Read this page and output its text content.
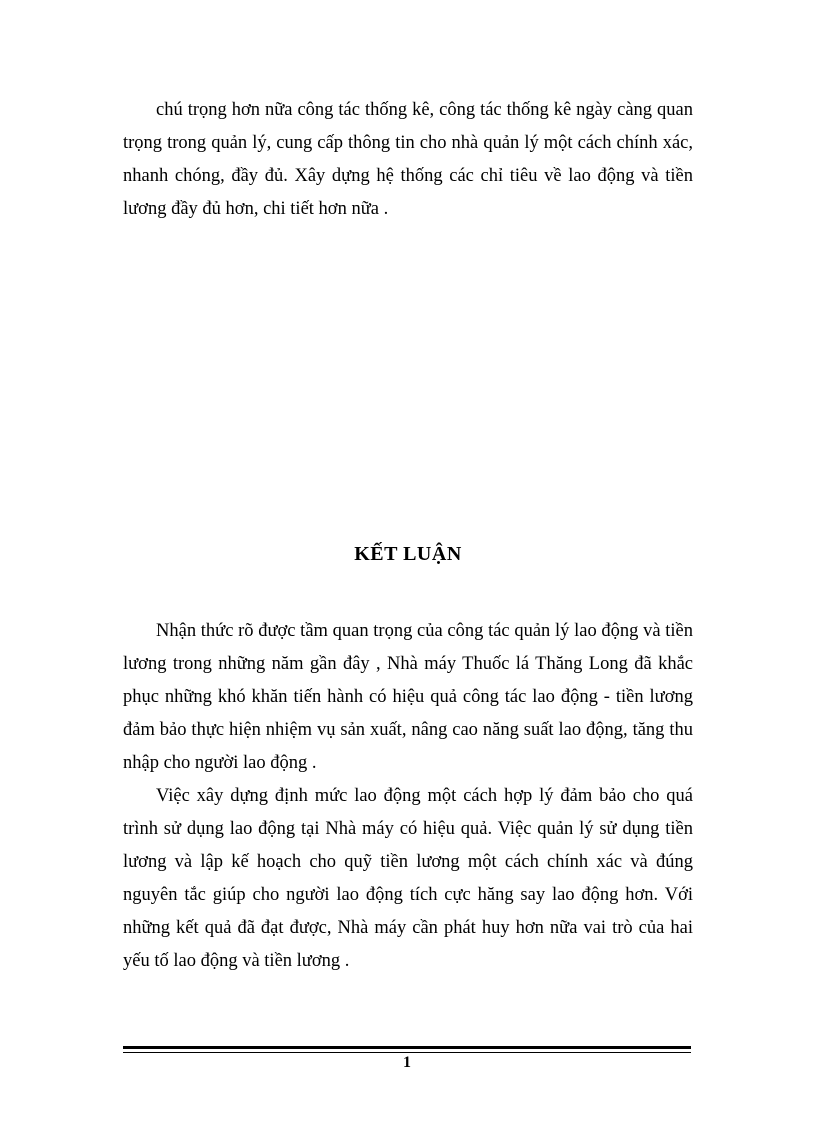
chú trọng hơn nữa công tác thống kê, công tác thống kê ngày càng quan trọng trong quản lý, cung cấp thông tin cho nhà quản lý một cách chính xác, nhanh chóng, đầy đủ. Xây dựng hệ thống các chỉ tiêu về lao động và tiền lương đầy đủ hơn, chi tiết hơn nữa .

KẾT LUẬN

Nhận thức rõ được tầm quan trọng của công tác quản lý lao động và tiền lương trong những năm gần đây , Nhà máy Thuốc lá Thăng Long đã khắc phục những khó khăn tiến hành có hiệu quả công tác lao động - tiền lương đảm bảo thực hiện nhiệm vụ sản xuất, nâng cao năng suất lao động, tăng thu nhập cho người lao động .

Việc xây dựng định mức lao động một cách hợp lý đảm bảo cho quá trình sử dụng lao động tại Nhà máy có hiệu quả. Việc quản lý sử dụng tiền lương và lập kế hoạch cho quỹ tiền lương một cách chính xác và đúng nguyên tắc giúp cho người lao động tích cực hăng say lao động hơn. Với những kết quả đã đạt được, Nhà máy cần phát huy hơn nữa vai trò của hai yếu tố lao động và tiền lương .

1
